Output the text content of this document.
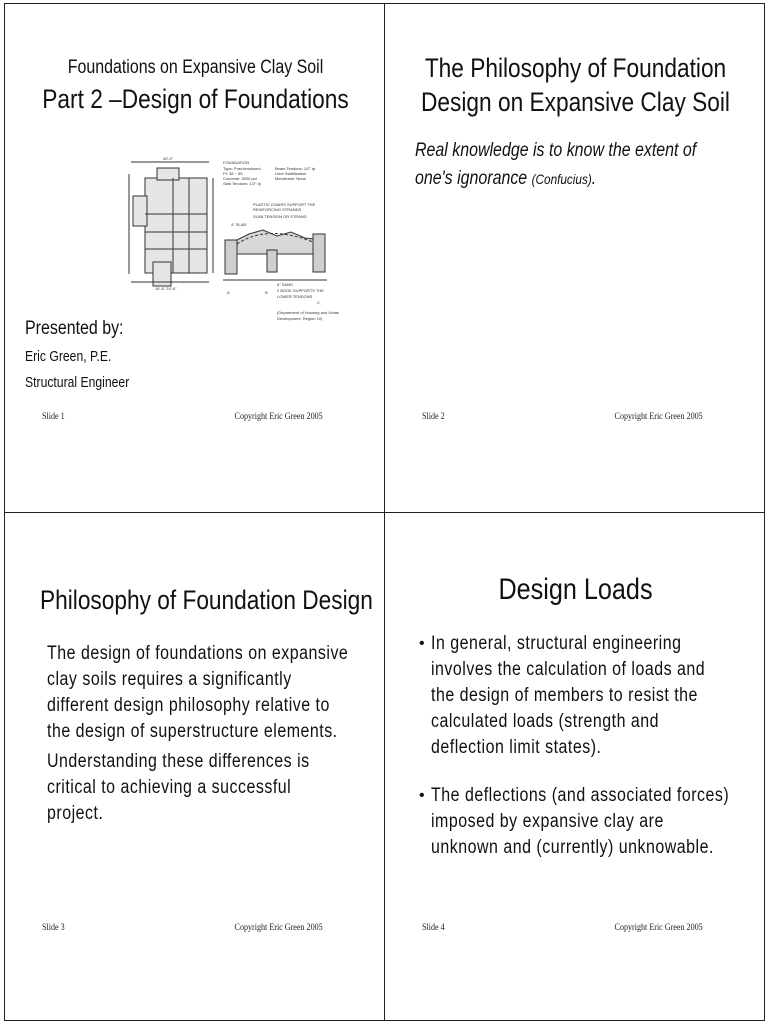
Foundations on Expansive Clay Soil
Part 2 –Design of Foundations
FOUNDATION
Type: Post-tensioned
PI: 38 ~ 55
Concrete: 3000 psi
Slab Tendons: 1/2" ф
Beam Tendons: 1/2" ф
Lime Stabilization
Membrane: None
PLASTIC CHAIRS SUPPORT THE
REINFORCING STRANDS
SLAB TENSION OR STRAND
4" SLAB
6" SAND
2 BOOK SUPPORTS THE
LOWER TENDONS
(Department of Housing and Urban
Development, Region 10)
40'-0"
16'-6" 24'-6"
A	B
C
Presented by:
Eric Green, P.E.
Structural Engineer
Slide 1	Copyright Eric Green 2005
The Philosophy of Foundation
Design on Expansive Clay Soil
Real knowledge is to know the extent of
one's ignorance (Confucius).
Slide 2	Copyright Eric Green 2005
Philosophy of Foundation Design
The design of foundations on expansive
clay soils requires a significantly
different design philosophy relative to
the design of superstructure elements.
Understanding these differences is
critical to achieving a successful
project.
Slide 3	Copyright Eric Green 2005
Design Loads
• In general, structural engineering
involves the calculation of loads and
the design of members to resist the
calculated loads (strength and
deflection limit states).
• The deflections (and associated forces)
imposed by expansive clay are
unknown and (currently) unknowable.
Slide 4	Copyright Eric Green 2005
